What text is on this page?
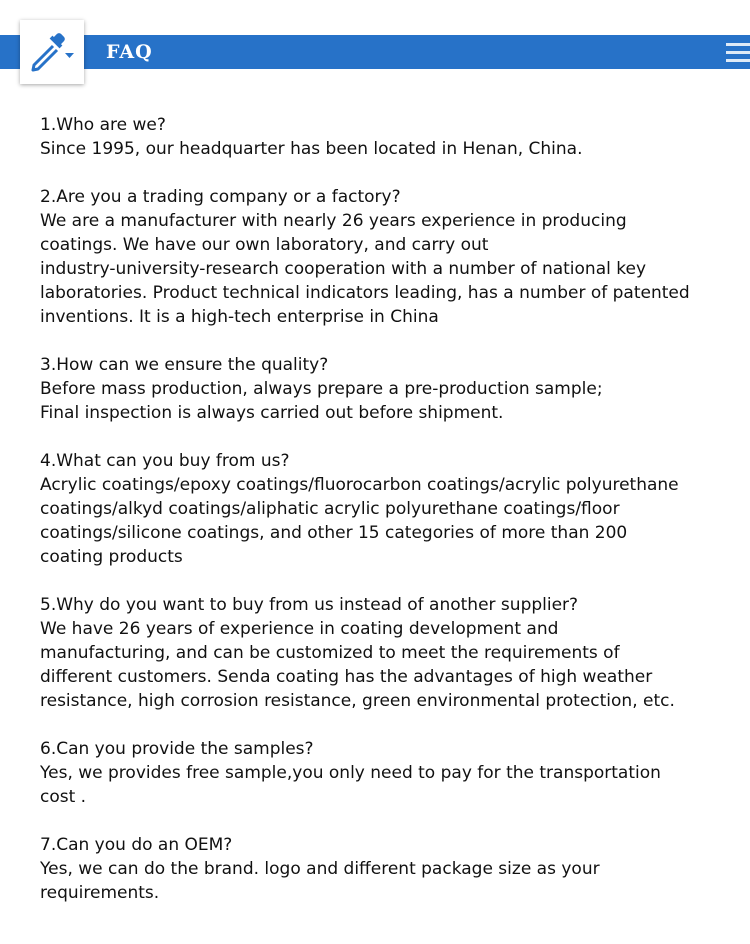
FAQ

1.Who are we?

Since 1995, our headquarter has been located in Henan, China.

2.Are you a trading company or a factory?

We are a manufacturer with nearly 26 years experience in producing

coatings. We have our own laboratory, and carry out

industry-university-research cooperation with a number of national key

laboratories. Product technical indicators leading, has a number of patented

inventions. It is a high-tech enterprise in China

3.How can we ensure the quality?

Before mass production, always prepare a pre-production sample;

Final inspection is always carried out before shipment.

4.What can you buy from us?

Acrylic coatings/epoxy coatings/fluorocarbon coatings/acrylic polyurethane

coatings/alkyd coatings/aliphatic acrylic polyurethane coatings/floor

coatings/silicone coatings, and other 15 categories of more than 200

coating products

5.Why do you want to buy from us instead of another supplier?

We have 26 years of experience in coating development and

manufacturing, and can be customized to meet the requirements of

different customers. Senda coating has the advantages of high weather

resistance, high corrosion resistance, green environmental protection, etc.

6.Can you provide the samples?

Yes, we provides free sample,you only need to pay for the transportation

cost .

7.Can you do an OEM?

Yes, we can do the brand. logo and different package size as your

requirements.
